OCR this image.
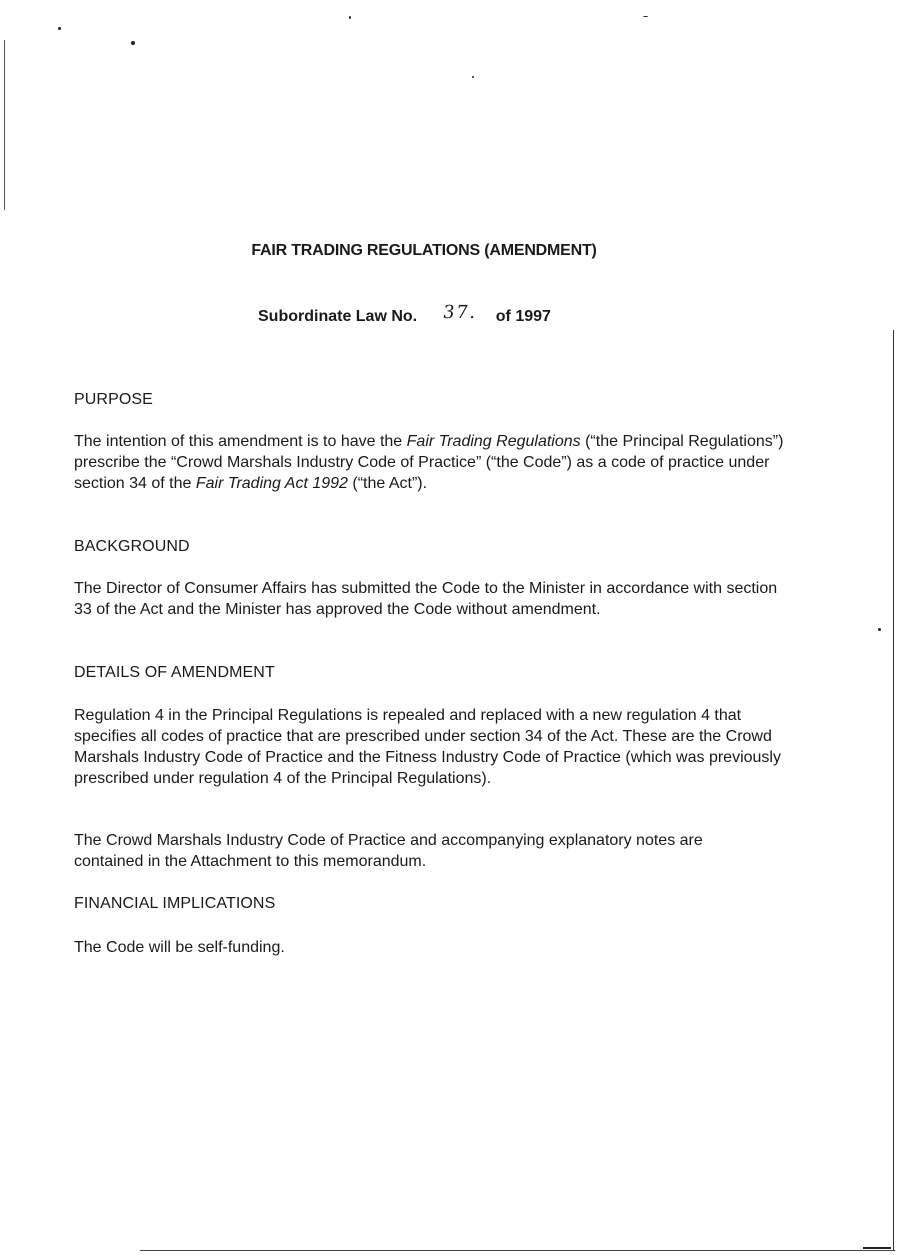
FAIR TRADING REGULATIONS (AMENDMENT)
Subordinate Law No. 37. of 1997
PURPOSE
The intention of this amendment is to have the Fair Trading Regulations (“the Principal Regulations”) prescribe the “Crowd Marshals Industry Code of Practice” (“the Code”) as a code of practice under section 34 of the Fair Trading Act 1992 (“the Act”).
BACKGROUND
The Director of Consumer Affairs has submitted the Code to the Minister in accordance with section 33 of the Act and the Minister has approved the Code without amendment.
DETAILS OF AMENDMENT
Regulation 4 in the Principal Regulations is repealed and replaced with a new regulation 4 that specifies all codes of practice that are prescribed under section 34 of the Act. These are the Crowd Marshals Industry Code of Practice and the Fitness Industry Code of Practice (which was previously prescribed under regulation 4 of the Principal Regulations).
The Crowd Marshals Industry Code of Practice and accompanying explanatory notes are contained in the Attachment to this memorandum.
FINANCIAL IMPLICATIONS
The Code will be self-funding.
